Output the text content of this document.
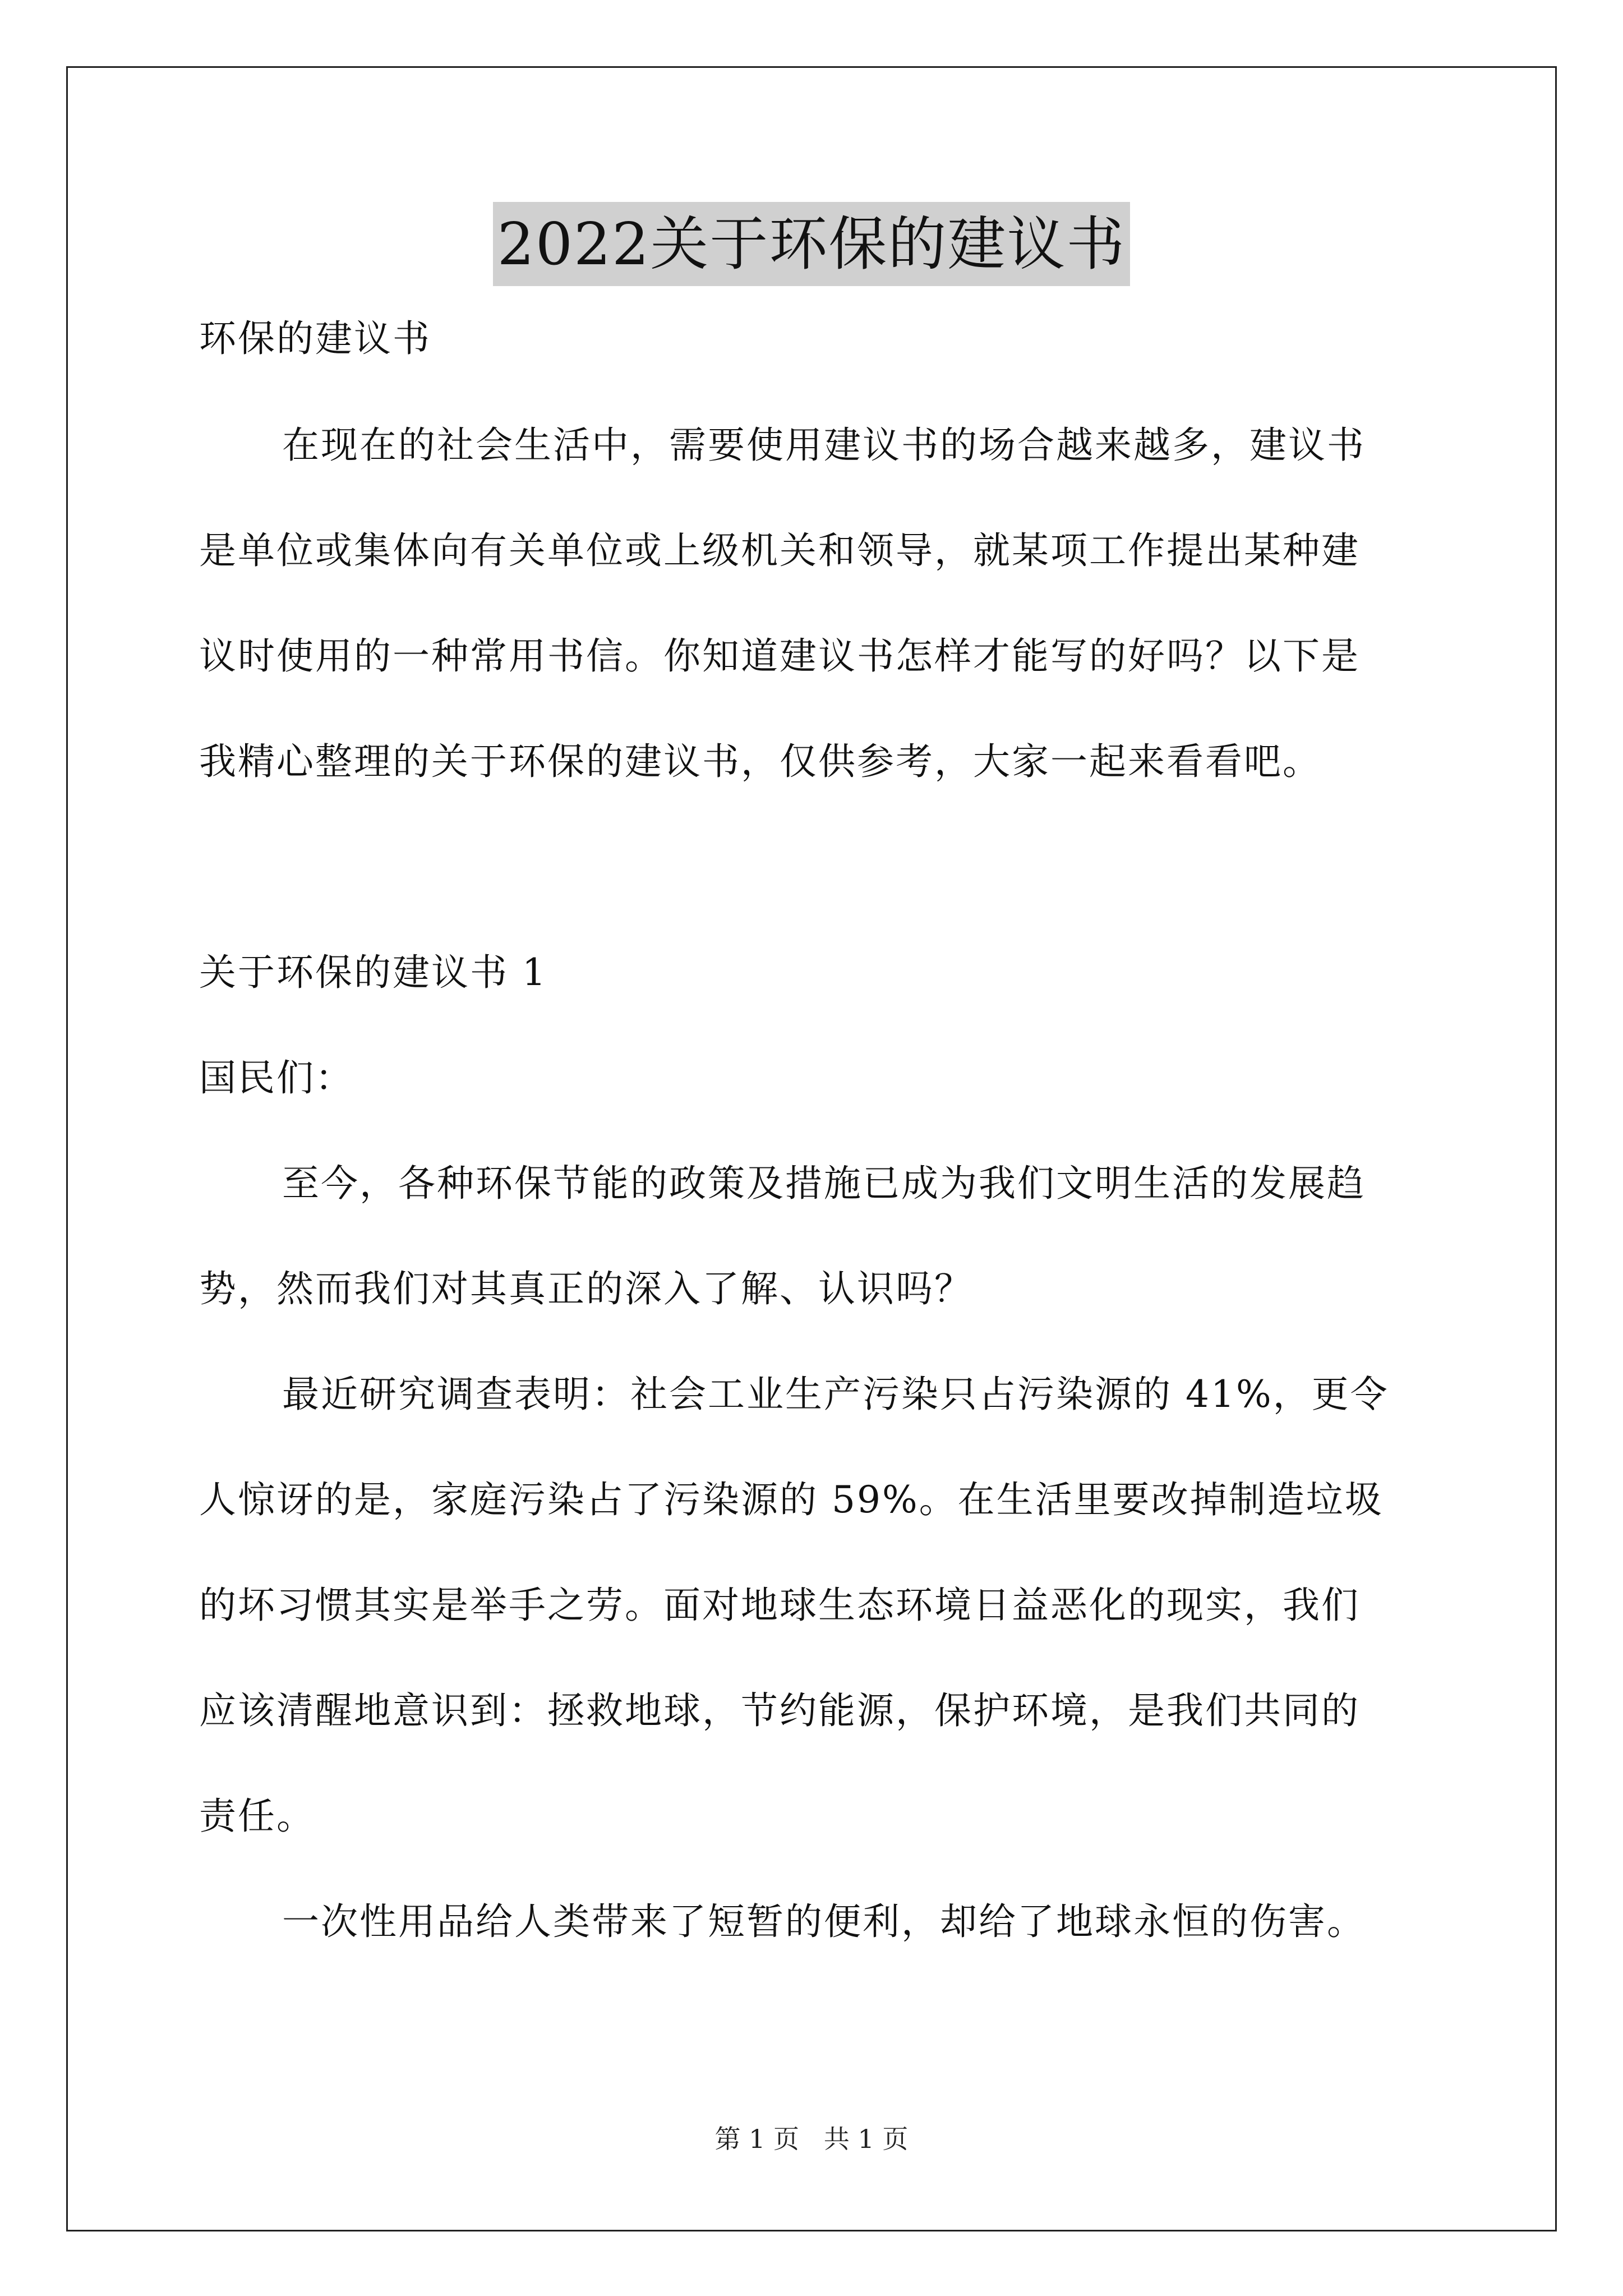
2022关于环保的建议书

环保的建议书

在现在的社会生活中，需要使用建议书的场合越来越多，建议书

是单位或集体向有关单位或上级机关和领导，就某项工作提出某种建

议时使用的一种常用书信。你知道建议书怎样才能写的好吗？以下是

我精心整理的关于环保的建议书，仅供参考，大家一起来看看吧。

关于环保的建议书 1

国民们：

至今，各种环保节能的政策及措施已成为我们文明生活的发展趋

势，然而我们对其真正的深入了解、认识吗？

最近研究调查表明：社会工业生产污染只占污染源的 41%，更令

人惊讶的是，家庭污染占了污染源的 59%。在生活里要改掉制造垃圾

的坏习惯其实是举手之劳。面对地球生态环境日益恶化的现实，我们

应该清醒地意识到：拯救地球，节约能源，保护环境，是我们共同的

责任。

一次性用品给人类带来了短暂的便利，却给了地球永恒的伤害。

第 1 页   共 1 页
